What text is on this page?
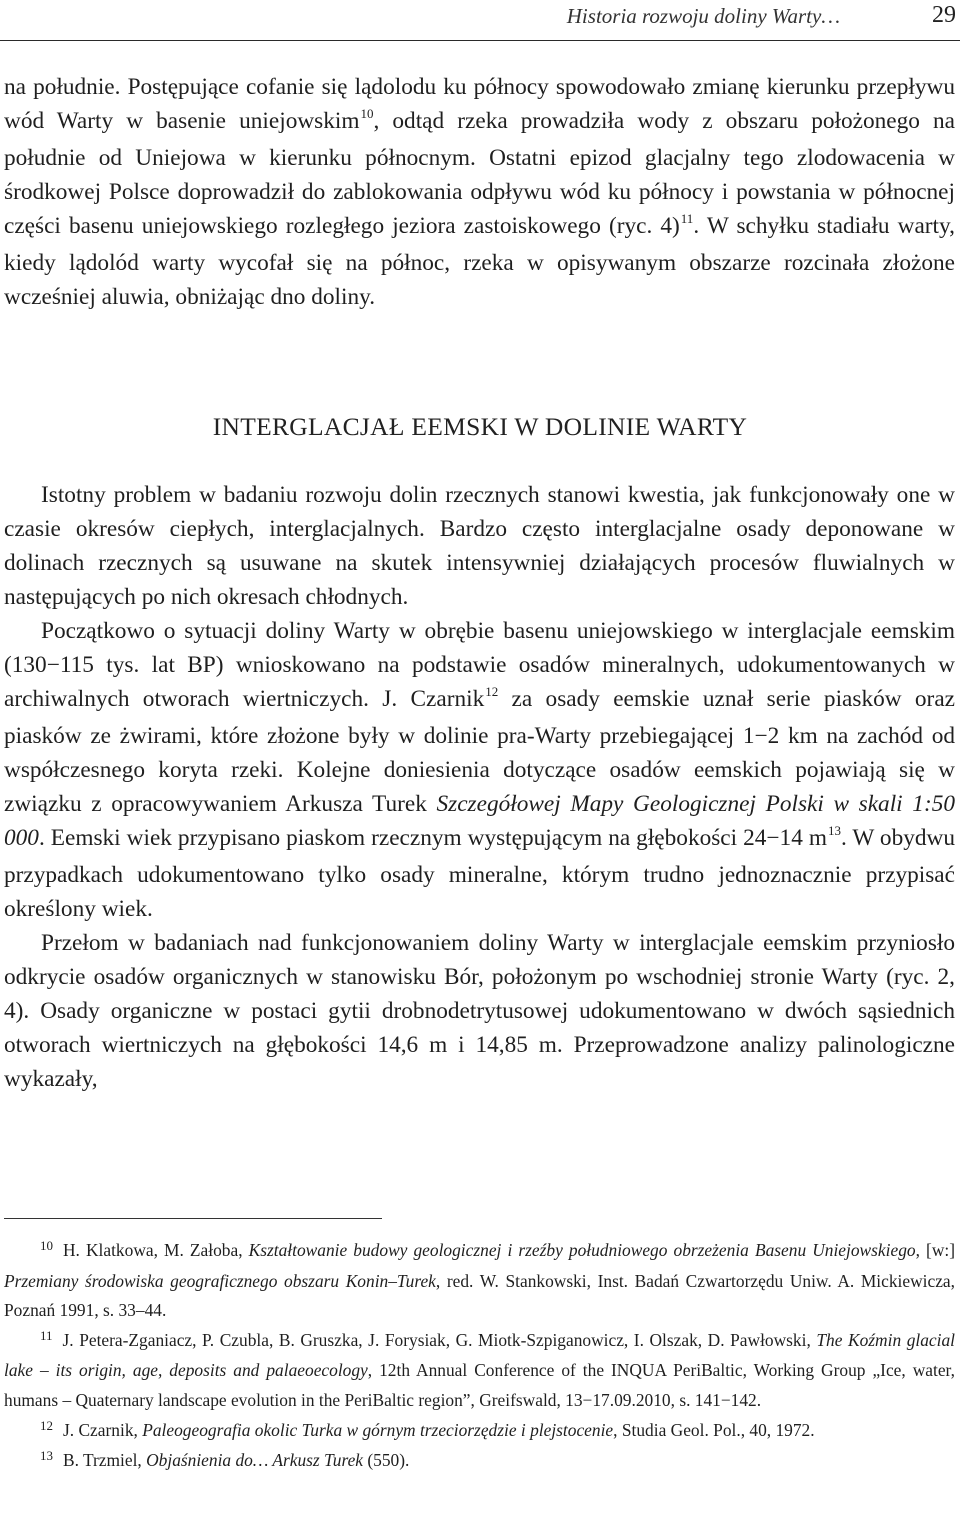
Historia rozwoju doliny Warty…	29

na południe. Postępujące cofanie się lądolodu ku północy spowodowało zmianę kierunku przepływu wód Warty w basenie uniejowskim$^{10}$, odtąd rzeka prowadziła wody z obszaru położonego na południe od Uniejowa w kierunku północnym. Ostatni epizod glacjalny tego zlodowacenia w środkowej Polsce doprowadził do zablokowania odpływu wód ku północy i powstania w północnej części basenu uniejowskiego rozległego jeziora zastoiskowego (ryc. 4)$^{11}$. W schyłku stadiału warty, kiedy lądolód warty wycofał się na północ, rzeka w opisywanym obszarze rozcinała złożone wcześniej aluwia, obniżając dno doliny.

INTERGLACJAŁ EEMSKI W DOLINIE WARTY

Istotny problem w badaniu rozwoju dolin rzecznych stanowi kwestia, jak funkcjonowały one w czasie okresów ciepłych, interglacjalnych. Bardzo często interglacjalne osady deponowane w dolinach rzecznych są usuwane na skutek intensywniej działających procesów fluwialnych w następujących po nich okresach chłodnych.

Początkowo o sytuacji doliny Warty w obrębie basenu uniejowskiego w interglacjale eemskim (130−115 tys. lat BP) wnioskowano na podstawie osadów mineralnych, udokumentowanych w archiwalnych otworach wiertniczych. J. Czarnik$^{12}$ za osady eemskie uznał serie piasków oraz piasków ze żwirami, które złożone były w dolinie pra-Warty przebiegającej 1−2 km na zachód od współczesnego koryta rzeki. Kolejne doniesienia dotyczące osadów eemskich pojawiają się w związku z opracowywaniem Arkusza Turek Szczegółowej Mapy Geologicznej Polski w skali 1:50 000. Eemski wiek przypisano piaskom rzecznym występującym na głębokości 24−14 m$^{13}$. W obydwu przypadkach udokumentowano tylko osady mineralne, którym trudno jednoznacznie przypisać określony wiek.

Przełom w badaniach nad funkcjonowaniem doliny Warty w interglacjale eemskim przyniosło odkrycie osadów organicznych w stanowisku Bór, położonym po wschodniej stronie Warty (ryc. 2, 4). Osady organiczne w postaci gytii drobnodetrytusowej udokumentowano w dwóch sąsiednich otworach wiertniczych na głębokości 14,6 m i 14,85 m. Przeprowadzone analizy palinologiczne wykazały,

$^{10}$ H. Klatkowa, M. Załoba, Kształtowanie budowy geologicznej i rzeźby południowego obrzeżenia Basenu Uniejowskiego, [w:] Przemiany środowiska geograficznego obszaru Konin–Turek, red. W. Stankowski, Inst. Badań Czwartorzędu Uniw. A. Mickiewicza, Poznań 1991, s. 33–44.

$^{11}$ J. Petera-Zganiacz, P. Czubla, B. Gruszka, J. Forysiak, G. Miotk-Szpiganowicz, I. Olszak, D. Pawłowski, The Koźmin glacial lake – its origin, age, deposits and palaeoecology, 12th Annual Conference of the INQUA PeriBaltic, Working Group „Ice, water, humans – Quaternary landscape evolution in the PeriBaltic region”, Greifswald, 13−17.09.2010, s. 141−142.

$^{12}$ J. Czarnik, Paleogeografia okolic Turka w górnym trzeciorzędzie i plejstocenie, Studia Geol. Pol., 40, 1972.

$^{13}$ B. Trzmiel, Objaśnienia do… Arkusz Turek (550).
